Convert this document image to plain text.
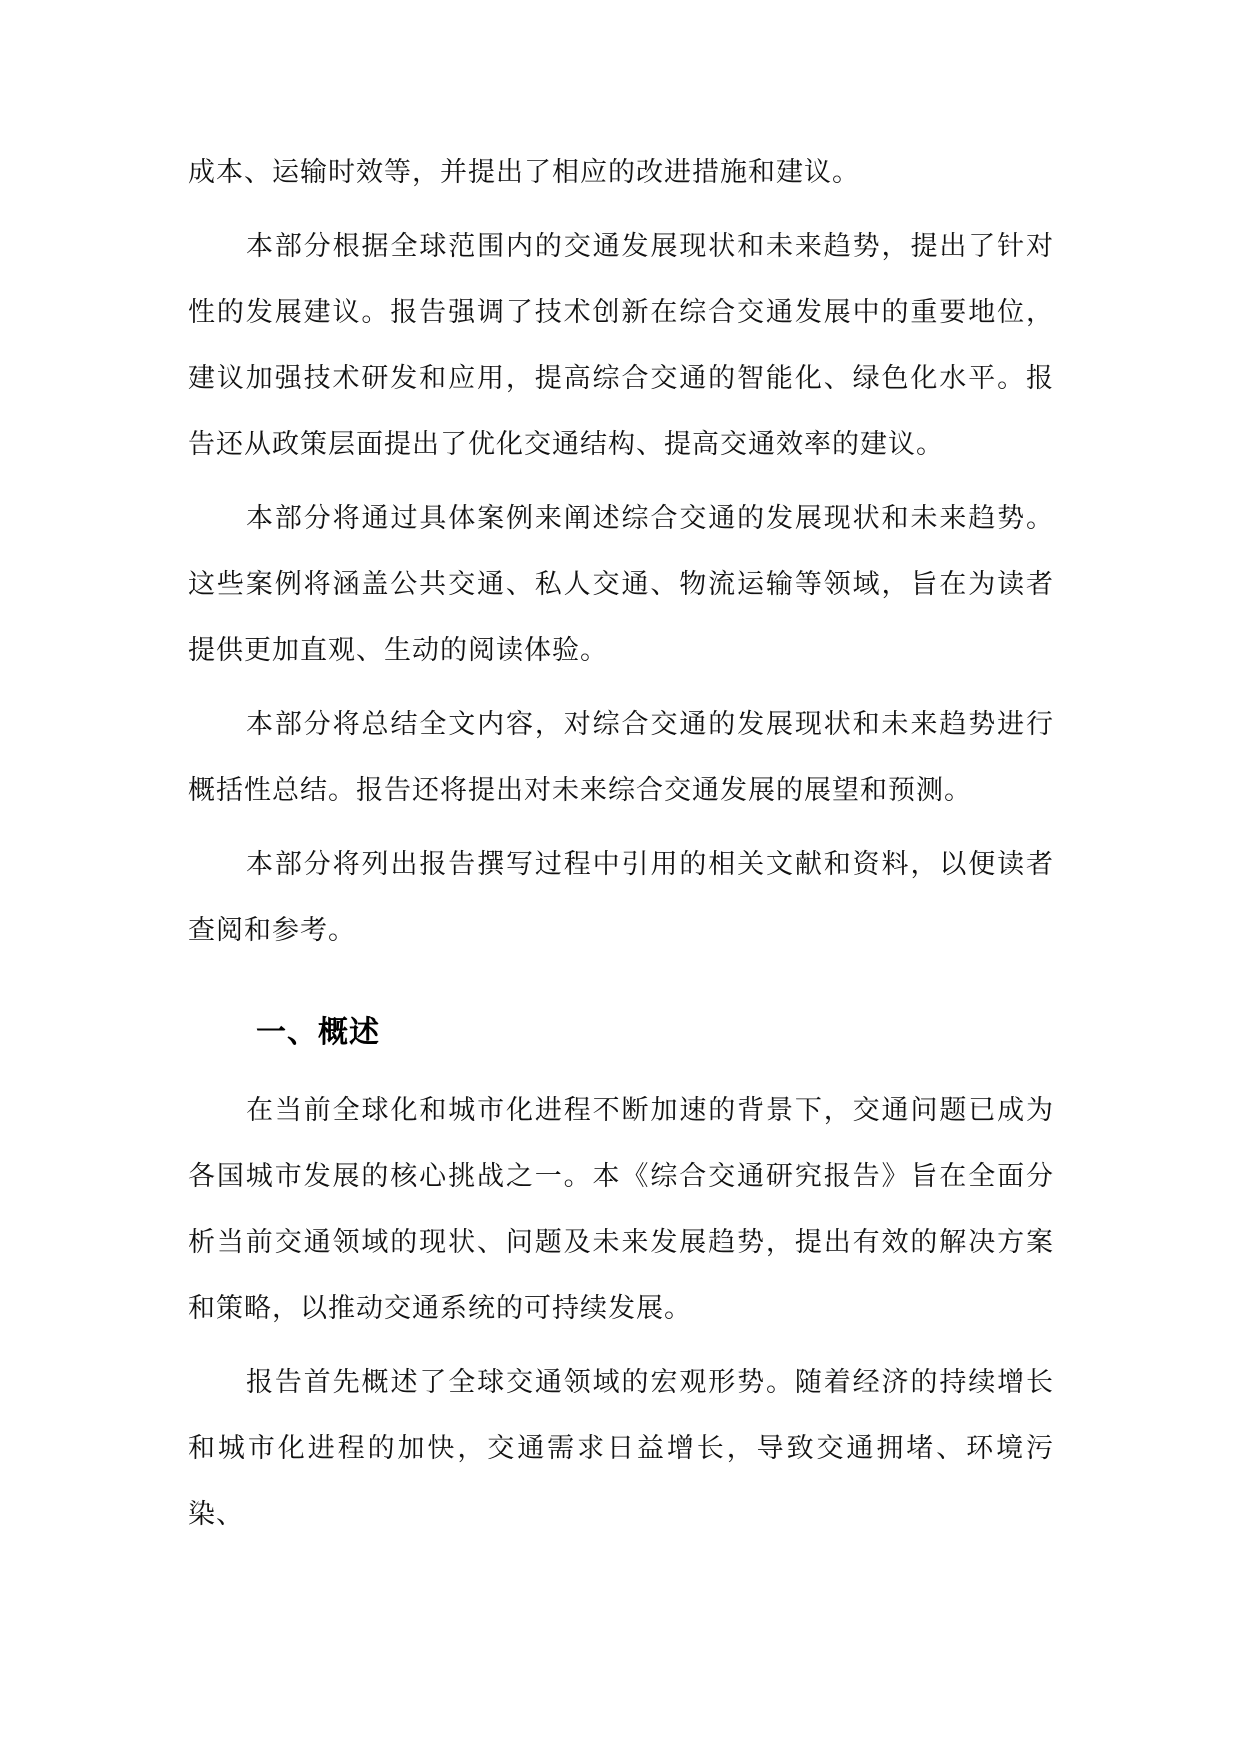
成本、运输时效等，并提出了相应的改进措施和建议。

本部分根据全球范围内的交通发展现状和未来趋势，提出了针对性的发展建议。报告强调了技术创新在综合交通发展中的重要地位，建议加强技术研发和应用，提高综合交通的智能化、绿色化水平。报告还从政策层面提出了优化交通结构、提高交通效率的建议。

本部分将通过具体案例来阐述综合交通的发展现状和未来趋势。这些案例将涵盖公共交通、私人交通、物流运输等领域，旨在为读者提供更加直观、生动的阅读体验。

本部分将总结全文内容，对综合交通的发展现状和未来趋势进行概括性总结。报告还将提出对未来综合交通发展的展望和预测。

本部分将列出报告撰写过程中引用的相关文献和资料，以便读者查阅和参考。

一、概述

在当前全球化和城市化进程不断加速的背景下，交通问题已成为各国城市发展的核心挑战之一。本《综合交通研究报告》旨在全面分析当前交通领域的现状、问题及未来发展趋势，提出有效的解决方案和策略，以推动交通系统的可持续发展。

报告首先概述了全球交通领域的宏观形势。随着经济的持续增长和城市化进程的加快，交通需求日益增长，导致交通拥堵、环境污染、
